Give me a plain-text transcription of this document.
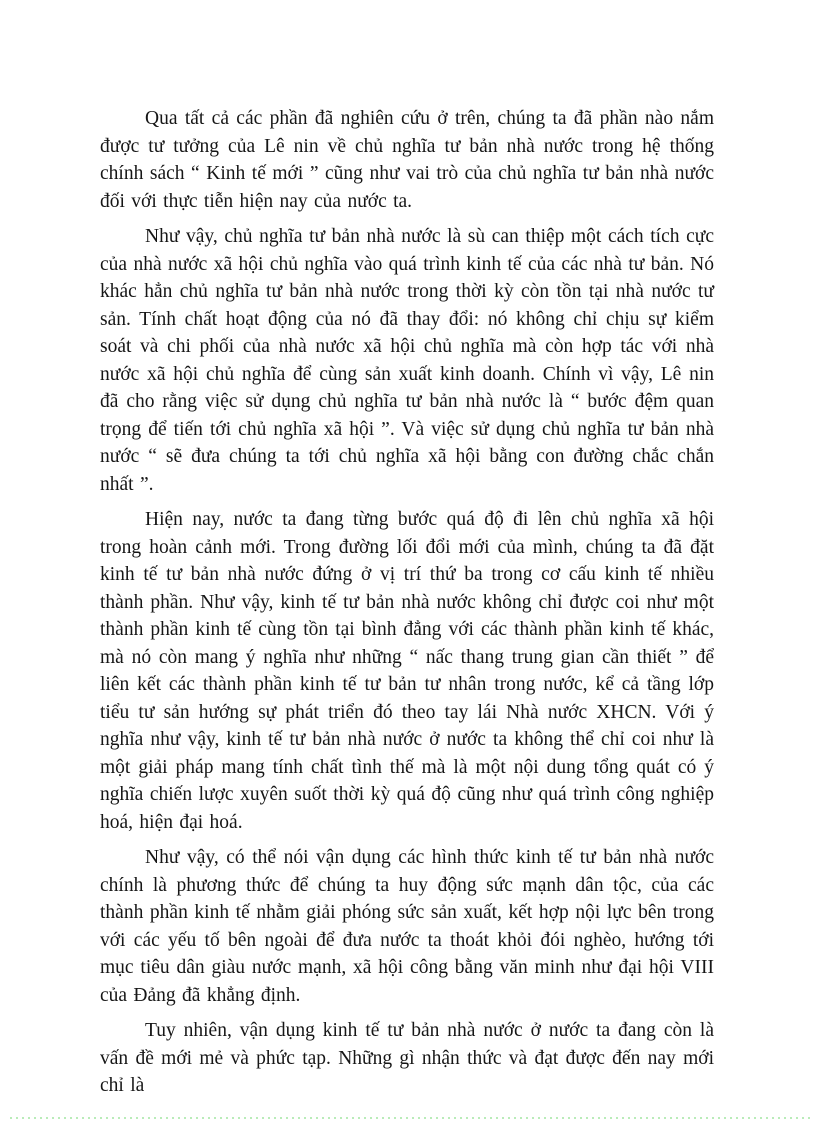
Qua tất cả các phần đã nghiên cứu ở trên, chúng ta đã phần nào nắm được tư tưởng của Lê nin về chủ nghĩa tư bản nhà nước trong hệ thống chính sách “ Kinh tế mới ” cũng như vai trò của chủ nghĩa tư bản nhà nước đối với thực tiễn hiện nay của nước ta.

Như vậy, chủ nghĩa tư bản nhà nước là sù can thiệp một cách tích cực của nhà nước xã hội chủ nghĩa vào quá trình kinh tế của các nhà tư bản. Nó khác hẳn chủ nghĩa tư bản nhà nước trong thời kỳ còn tồn tại nhà nước tư sản. Tính chất hoạt động của nó đã thay đổi: nó không chỉ chịu sự kiểm soát và chi phối của nhà nước xã hội chủ nghĩa mà còn hợp tác với nhà nước xã hội chủ nghĩa để cùng sản xuất kinh doanh. Chính vì vậy, Lê nin đã cho rằng việc sử dụng chủ nghĩa tư bản nhà nước là “ bước đệm quan trọng để tiến tới chủ nghĩa xã hội ”. Và việc sử dụng chủ nghĩa tư bản nhà nước “ sẽ đưa chúng ta tới chủ nghĩa xã hội bằng con đường chắc chắn nhất ”.

Hiện nay, nước ta đang từng bước quá độ đi lên chủ nghĩa xã hội trong hoàn cảnh mới. Trong đường lối đổi mới của mình, chúng ta đã đặt kinh tế tư bản nhà nước đứng ở vị trí thứ ba trong cơ cấu kinh tế nhiều thành phần. Như vậy, kinh tế tư bản nhà nước không chỉ được coi như một thành phần kinh tế cùng tồn tại bình đẳng với các thành phần kinh tế khác, mà nó còn mang ý nghĩa như những “ nấc thang trung gian cần thiết ” để liên kết các thành phần kinh tế tư bản tư nhân trong nước, kể cả tầng lớp tiểu tư sản hướng sự phát triển đó theo tay lái Nhà nước XHCN. Với ý nghĩa như vậy, kinh tế tư bản nhà nước ở nước ta không thể chỉ coi như là một giải pháp mang tính chất tình thế mà là một nội dung tổng quát có ý nghĩa chiến lược xuyên suốt thời kỳ quá độ cũng như quá trình công nghiệp hoá, hiện đại hoá.

Như vậy, có thể nói vận dụng các hình thức kinh tế tư bản nhà nước chính là phương thức để chúng ta huy động sức mạnh dân tộc, của các thành phần kinh tế nhằm giải phóng sức sản xuất, kết hợp nội lực bên trong với các yếu tố bên ngoài để đưa nước ta thoát khỏi đói nghèo, hướng tới mục tiêu dân giàu nước mạnh, xã hội công bằng văn minh như đại hội VIII của Đảng đã khẳng định.

Tuy nhiên, vận dụng kinh tế tư bản nhà nước ở nước ta đang còn là vấn đề mới mẻ và phức tạp. Những gì nhận thức và đạt được đến nay mới chỉ là
